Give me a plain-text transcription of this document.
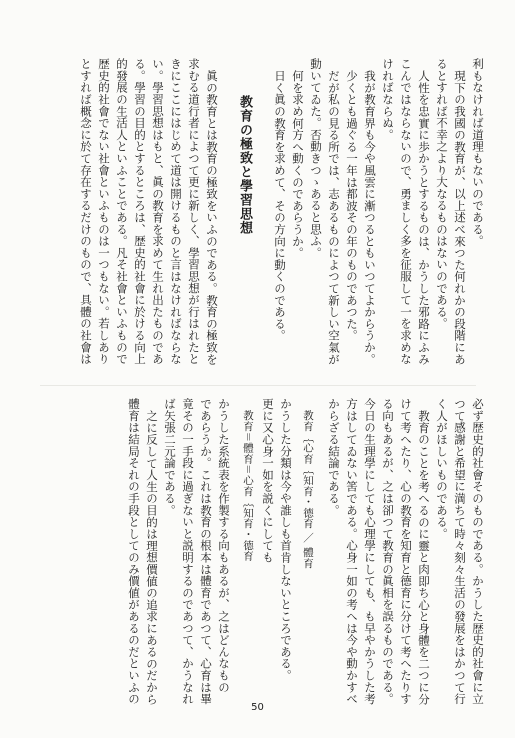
利もなければ道理もないのである。
現下の我國の教育が、以上述べ來つた何れかの段階にあ
るとすれば不幸之より大なるものはないのである。
人性を忠實に歩かうとするものは、かうした邪路にふみ
こんではならないので、勇ましく多を征服して一を求めな
ければならぬ。
我が教育界も今や風雲に漸つるともいつてよからうか。
少くとも過ぐる一年は都波その年のものであつた。
だが私の見る所では、志あるものによつて新しい空氣が
動いてゐた。否動きつゝあると思ふ。
何を求め何方へ動くのであらうか。
日く眞の教育を求めて、その方向に動くのである。
教育の極致と學習思想
眞の教育とは教育の極致をいふのである。教育の極致を
求むる道行者によつて更に新しく、學習思想が行はれたと
きにここにはじめて道は開けるものと言はなければならな
い。學習思想はもと、眞の教育を求めて生れ出たものであ
る。學習の目的とするところは、歴史的社會に於ける向上
的發展の生活人といふことである。凡そ社會といふもので
歴史的社會でない社會といふものは一つもない。若しあり
とすれば概念に於て存在するだけのもので、具體の社會は
必ず歴史的社會そのものである。かうした歴史的社會に立
つて感謝と希望に満ちて時々刻々生活の發展をはかつて行
く人がほしいものである。
教育のことを考へるのに靈と肉即ち心と身體を二つに分
けて考へたり、心の教育を知育と德育に分けて考へたりす
る向もあるが、之は卻つて教育の眞相を誤るものである。
今日の生理學にしても心理學にしても、も早やかうした考
方はしてゐない筈である。心身一如の考へは今や動かすべ
からざる結論である。
教育｛心育｛知育・德育 ／ 體育
かうした分類は今や誰しも首肯しないところである。
更に又心身一如を説くにしても
教育＝體育＝心育｛知育・德育
かうした系統表を作製する向もあるが、之はどんなもの
であらうか。これは教育の根本は體育であつて、心育は畢
竟その一手段に過ぎないと説明するのであつて、かうなれ
ば矢張二元論である。
之に反して人生の目的は理想價値の追求にあるのだから
體育は結局それの手段としてのみ價値があるのだといふの
50
